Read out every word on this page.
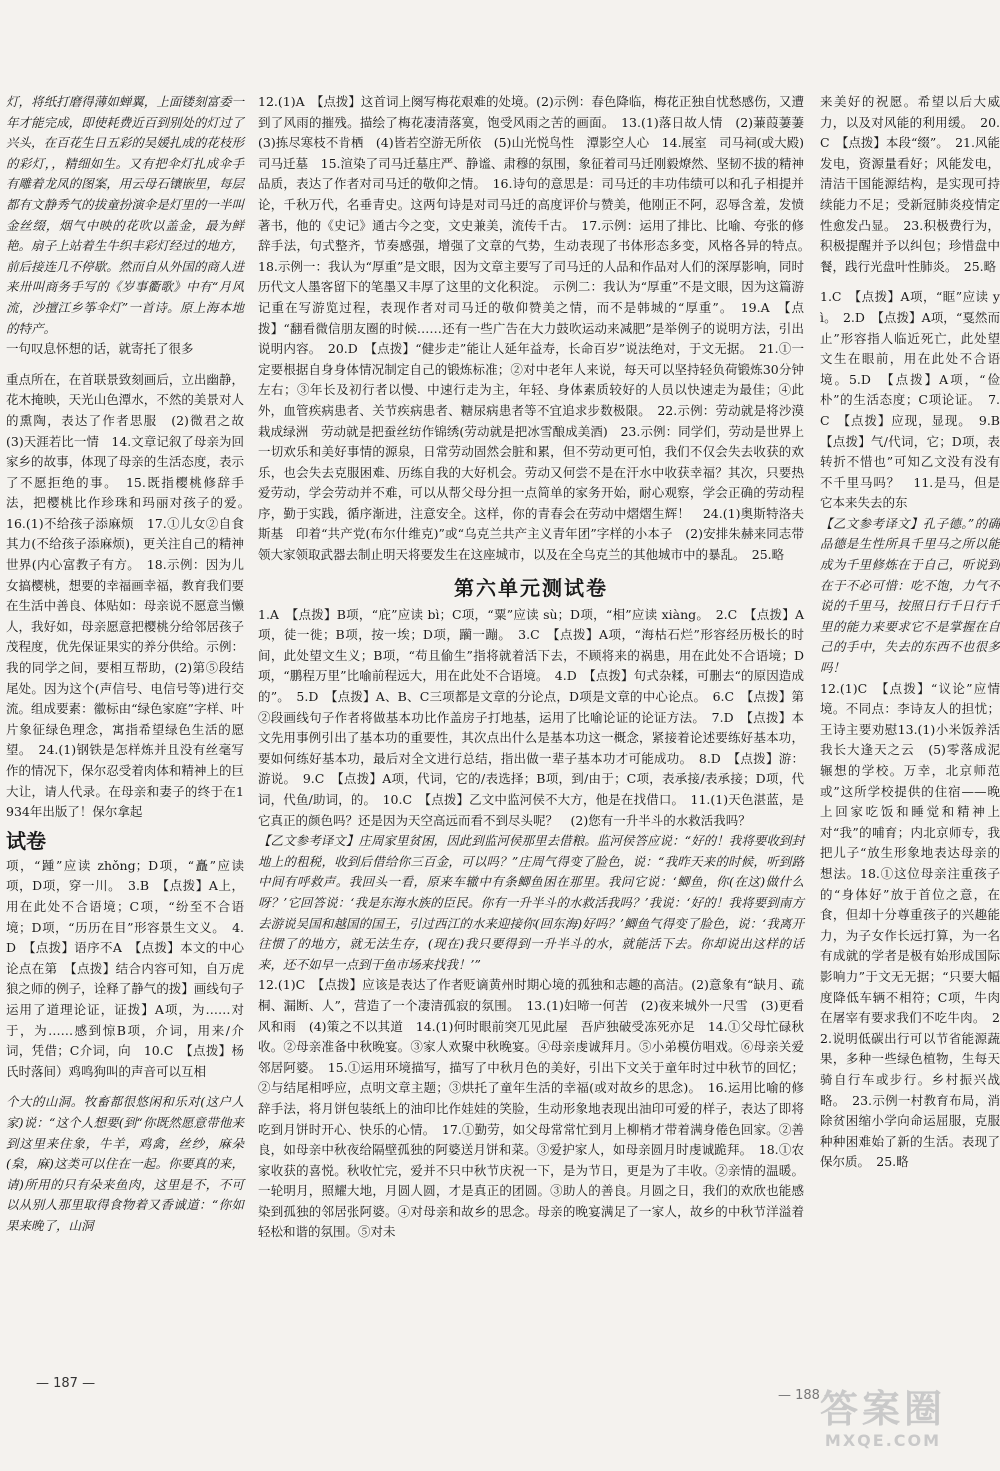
灯，将纸打磨得薄如蝉翼，上面镂刻富委一年才能完成，即使耗费近百到别处的灯过了兴头，在百花生日五彩的吴媛扎成的花枝形的彩灯，，精细如生。又有把伞灯扎成伞手有雕着龙凤的图案，用云母石镶嵌里，每层都有文静秀气的拔童扮演伞是灯里的一半叫金丝缀，烟气中映的花吹以盖金，最为鲜艳。扇子上站着生牛织丰彩灯经过的地方，前后接连几不停歇。然而自从外国的商人进来卅叫商务手写的《岁事衢歌》中有“月风流，沙擅江乡筝伞灯”一首诗。原上海本地的特产。

一句叹息怀想的话，就寄托了很多

重点所在，在首联景致刻画后，立出幽静，花木掩映，天光山色潭水，不然的美景对人的熏陶，表达了作者思服　(2)微君之故　(3)天涯若比一情　14.文章记叙了母亲为回家乡的故事，体现了母亲的生活态度，表示了不愿拒绝的事。　15.既指樱桃修辞手法，把樱桃比作珍珠和玛丽对孩子的爱。　16.(1)不给孩子添麻烦　17.①儿女②自食其力(不给孩子添麻烦)，更关注自己的精神世界(内心富教子有方。　18.示例：因为儿女搞樱桃，想要的幸福画幸福，教育我们要在生活中善良、体贴如：母亲说不愿意当懒人，我好如，母亲愿意把樱桃分给邻居孩子茂程度，优先保证果实的养分供给。示例：我的同学之间，要相互帮助，(2)第⑤段结尾处。因为这个(声信号、电信号等)进行交流。组成要素：徽标由“绿色家庭”字样、叶片象征绿色理念，寓指希望绿色生活的愿望。　24.(1)钢铁是怎样炼并且没有丝毫写作的情况下，保尔忍受着肉体和精神上的巨大让，请人代录。在母亲和妻子的终于在1934年出版了！保尔拿起

试卷

项，“踵”应读 zhǒng；D项，“矗”应读项，D项，穿一川。　3.B　【点拨】A上，用在此处不合语境；C项，“纷至不合语境；D项，“历历在目”形容景生文义。　4.D　【点拨】语序不A　【点拨】本文的中心论点在第　【点拨】结合内容可知，自万虎狼之师的例子，诠释了静气的拨】画线句子运用了道理论证，证拨】A项，为……对于，为……感到惊B项，介词，用来/介词，凭借；C介词，向　10.C　【点拨】杨氏时落间）鸡鸣狗叫的声音可以互相

个大的山洞。牧畜都很悠闲和乐对(这户人家)说：“这个人想要(到“你既然愿意带他来到这里来住象，牛羊，鸡禽，丝纱，麻朵(枲，麻)这类可以住在一起。你要真的来，请)所用的只有朵来鱼肉，这里是不，不可以从别人那里取得食物着又香诚道：“你如果来晚了，山洞

12.(1)A　【点拨】这首词上阕写梅花艰难的处境。(2)示例：春色降临，梅花正独自忧愁感伤，又遭到了风雨的摧残。描绘了梅花凄清落寞，饱受风雨之苦的画面。　13.(1)落日故人情　(2)蒹葭萋萋　(3)拣尽寒枝不肯栖　(4)皆若空游无所依　(5)山光悦鸟性　潭影空人心　14.展室　司马祠(或大殿)　司马迁墓　15.渲染了司马迁墓庄严、静谧、肃穆的氛围，象征着司马迁刚毅燎然、坚韧不拔的精神品质，表达了作者对司马迁的敬仰之情。　16.诗句的意思是：司马迁的丰功伟绩可以和孔子相提并论，千秋万代，名垂青史。这两句诗是对司马迁的高度评价与赞美，他刚正不阿，忍辱含羞，发愤著书，他的《史记》通古今之变，文史兼美，流传千古。　17.示例：运用了排比、比喻、夸张的修辞手法，句式整齐，节奏感强，增强了文章的气势，生动表现了书体形态多变，风格各异的特点。　18.示例一：我认为“厚重”是文眼，因为文章主要写了司马迁的人品和作品对人们的深厚影响，同时历代文人墨客留下的笔墨又丰厚了这里的文化积淀。　示例二：我认为“厚重”不是文眼，因为这篇游记重在写游览过程，表现作者对司马迁的敬仰赞美之情，而不是韩城的“厚重”。　19.A　【点拨】“翻看微信朋友圈的时候……还有一些广告在大力鼓吹运动来减肥”是举例子的说明方法，引出说明内容。　20.D　【点拨】“健步走”能让人延年益寿，长命百岁”说法绝对，于文无据。　21.①一定要根据自身身体情况制定自己的锻炼标准；②对中老年人来说，每天可以坚持轻负荷锻炼30分钟左右；③年长及初行者以慢、中速行走为主，年轻、身体素质较好的人员以快速走为最佳；④此外，血管疾病患者、关节疾病患者、糖尿病患者等不宜追求步数极限。　22.示例：劳动就是将沙漠栽成绿洲　劳动就是把蚕丝纺作锦绣(劳动就是把冰雪酿成美酒)　23.示例：同学们，劳动是世界上一切欢乐和美好事情的源泉，日常劳动固然会脏和累，但不劳动更可怕，我们不仅会失去收获的欢乐，也会失去克服困难、历练自我的大好机会。劳动又何尝不是在汗水中收获幸福？其次，只要热爱劳动，学会劳动并不难，可以从帮父母分担一点简单的家务开始，耐心观察，学会正确的劳动程序，勤于实践，循序渐进，注意安全。这样，你的青春会在劳动中熠熠生辉！　24.(1)奥斯特洛夫斯基　印着“共产党(布尔什维克)”或“乌克兰共产主义青年团”字样的小本子　(2)安排朱赫来同志带领大家领取武器去制止明天将要发生在这座城市，以及在全乌克兰的其他城市中的暴乱。　25.略

第六单元测试卷

1.A　【点拨】B项，“庇”应读 bì；C项，“粟”应读 sù；D项，“相”应读 xiàng。　2.C　【点拨】A项，徒一徙；B项，按一埃；D项，躏一蹦。　3.C　【点拨】A项，“海枯石烂”形容经历极长的时间，此处望文生义；B项，“苟且偷生”指将就着活下去，不顾将来的祸患，用在此处不合语境；D项，“鹏程万里”比喻前程远大，用在此处不合语境。　4.D　【点拨】句式杂糅，可删去“的原因造成的”。　5.D　【点拨】A、B、C三项都是文章的分论点，D项是文章的中心论点。　6.C　【点拨】第②段画线句子作者将做基本功比作盖房子打地基，运用了比喻论证的论证方法。　7.D　【点拨】本文先用事例引出了基本功的重要性，其次点出什么是基本功这一概念，紧接着论述要练好基本功，要如何练好基本功，最后对全文进行总结，指出做一辈子基本功才可能成功。　8.D　【点拨】游：游说。　9.C　【点拨】A项，代词，它的/表选择；B项，到/由于；C项，表承接/表承接；D项，代词，代鱼/助词，的。　10.C　【点拨】乙文中监河侯不大方，他是在找借口。　11.(1)天色湛蓝，是它真正的颜色吗？还是因为天空高远而看不到尽头呢？　(2)您有一升半斗的水救活我吗？

【乙文参考译文】庄周家里贫困，因此到监河侯那里去借粮。监河侯答应说：“好的！我将要收到封地上的租税，收到后借给你三百金，可以吗？”庄周气得变了脸色，说：“我昨天来的时候，听到路中间有呼救声。我回头一看，原来车辙中有条鲫鱼困在那里。我问它说：‘鲫鱼，你(在这)做什么呀？’它回答说：‘我是东海水族的臣民。你有一升半斗的水救活我吗？’我说：‘好的！我将要到南方去游说吴国和越国的国王，引过西江的水来迎接你(回东海)好吗？’鲫鱼气得变了脸色，说：‘我离开往惯了的地方，就无法生存，(现在)我只要得到一升半斗的水，就能活下去。你却说出这样的话来，还不如早一点到干鱼市场来找我！’”

12.(1)C　【点拨】应该是表达了作者贬谪黄州时期心境的孤独和志趣的高洁。(2)意象有“缺月、疏桐、漏断、人”，营造了一个凄清孤寂的氛围。　13.(1)妇啼一何苦　(2)夜来城外一尺雪　(3)更看风和雨　(4)策之不以其道　14.(1)何时眼前突兀见此屋　吾庐独破受冻死亦足　14.①父母忙碌秋收。②母亲准备中秋晚宴。③家人欢聚中秋晚宴。④母亲虔诚拜月。⑤小弟模仿唱戏。⑥母亲关爱邻居阿婆。　15.①运用环境描写，描写了中秋月色的美好，引出下文关于童年时过中秋节的回忆；②与结尾相呼应，点明文章主题；③烘托了童年生活的幸福(或对故乡的思念)。　16.运用比喻的修辞手法，将月饼包装纸上的油印比作娃娃的笑脸，生动形象地表现出油印可爱的样子，表达了即将吃到月饼时开心、快乐的心情。　17.①勤劳，如父母常常忙到月上柳梢才带着满身倦色回家。②善良，如母亲中秋夜给隔壁孤独的阿婆送月饼和菜。③爱护家人，如母亲圆月时虔诚跪拜。　18.①农家收获的喜悦。秋收忙完，爱并不只中秋节庆祝一下，是为节日，更是为了丰收。②亲情的温暖。一轮明月，照耀大地，月圆人圆，才是真正的团圆。③助人的善良。月圆之日，我们的欢欣也能感染到孤独的邻居张阿婆。④对母亲和故乡的思念。母亲的晚宴满足了一家人，故乡的中秋节洋溢着轻松和谐的氛围。⑤对未

来美好的祝愿。希望以后大威力，以及对风能的利用缓。　20.C　【点拨】本段“缀”。　21.风能发电，资源量看好；风能发电，清洁干国能源结构，是实现可持续能力不足；受新冠肺炎疫情定性愈发凸显。　23.积极费行为，积极提醒并予以纠包；珍惜盘中餐，践行光盘叶性肺炎。　25.略

1.C　【点拨】A项，“眶”应读 yì。　2.D　【点拨】A项，“戛然而止”形容指人临近死亡，此处望文生在眼前，用在此处不合语境。5.D　【点拨】A项，“俭朴”的生活态度；C项论证。　7.C　【点拨】应现，显现。　9.B　【点拨】气/代词，它；D项，表转折不惜也”可知乙文没有没有不千里马吗？　11.是马，但是它本来失去的东

【乙文参考译文】孔子德。”的确品德是生性所具千里马之所以能成为千里修炼在于自己，听说到在于不必可惜：吃不饱，力气不说的千里马，按照日行千日行千里的能力来要求它不是掌握在自己的手中，失去的东西不也很多吗！

12.(1)C　【点拨】“议论”应情境。不同点：李诗友人的担忧；王诗主要劝慰13.(1)小米饭养活我长大逢天之云　(5)零落成泥辗想的学校。万幸，北京师范或”这所学校提供的住宿——晚上回家吃饭和睡觉和精神上对“我”的哺育；内北京师专，我把儿子“放生形象地表达母亲的想法。18.①这位母亲注重孩子的“身体好”放于首位之意，在食，但却十分尊重孩子的兴趣能力，为子女作长远打算，为一名有成就的学者是极有始形成国际影响力”于文无无据；“只要大幅度降低车辆不相符；C项，牛肉在屠宰有要求我们不吃牛肉。　22.说明低碳出行可以节省能源蔬果，多种一些绿色植物，生每天骑自行车或步行。乡村振兴战略。　23.示例一村教育布局，消除贫困缩小学向命运屈服，克服种种困难始了新的生活。表现了保尔质。　25.略

— 187 —
— 188 —
答案圈
MXQE.COM
